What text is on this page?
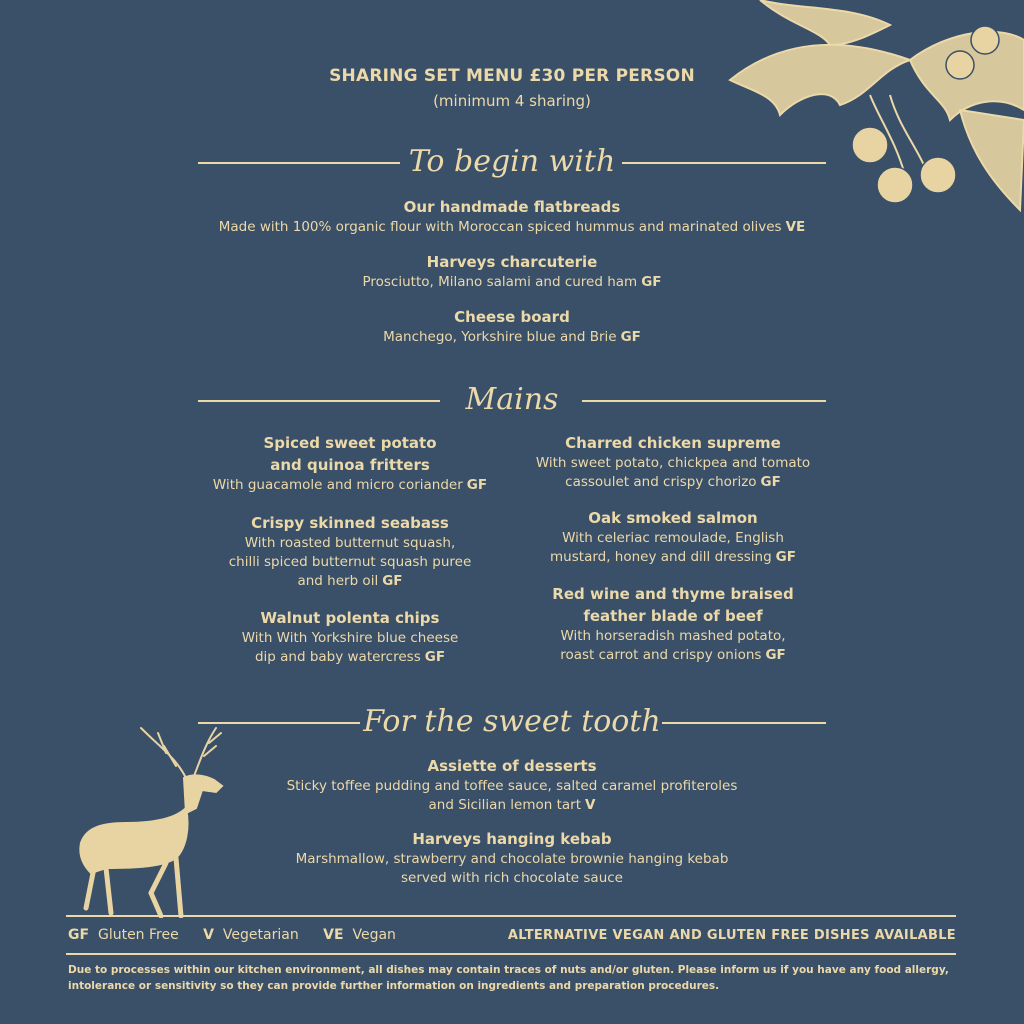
SHARING SET MENU £30 PER PERSON
(minimum 4 sharing)
To begin with
Our handmade flatbreads
Made with 100% organic flour with Moroccan spiced hummus and marinated olives VE
Harveys charcuterie
Prosciutto, Milano salami and cured ham GF
Cheese board
Manchego, Yorkshire blue and Brie GF
Mains
Spiced sweet potato
and quinoa fritters
With guacamole and micro coriander GF
Crispy skinned seabass
With roasted butternut squash,
chilli spiced butternut squash puree
and herb oil GF
Walnut polenta chips
With With Yorkshire blue cheese
dip and baby watercress GF
Charred chicken supreme
With sweet potato, chickpea and tomato
cassoulet and crispy chorizo GF
Oak smoked salmon
With celeriac remoulade, English
mustard, honey and dill dressing GF
Red wine and thyme braised
feather blade of beef
With horseradish mashed potato,
roast carrot and crispy onions GF
For the sweet tooth
Assiette of desserts
Sticky toffee pudding and toffee sauce, salted caramel profiteroles
and Sicilian lemon tart V
Harveys hanging kebab
Marshmallow, strawberry and chocolate brownie hanging kebab
served with rich chocolate sauce
GF Gluten Free V Vegetarian VE Vegan	ALTERNATIVE VEGAN AND GLUTEN FREE DISHES AVAILABLE
Due to processes within our kitchen environment, all dishes may contain traces of nuts and/or gluten. Please inform us if you have any food allergy,
intolerance or sensitivity so they can provide further information on ingredients and preparation procedures.
